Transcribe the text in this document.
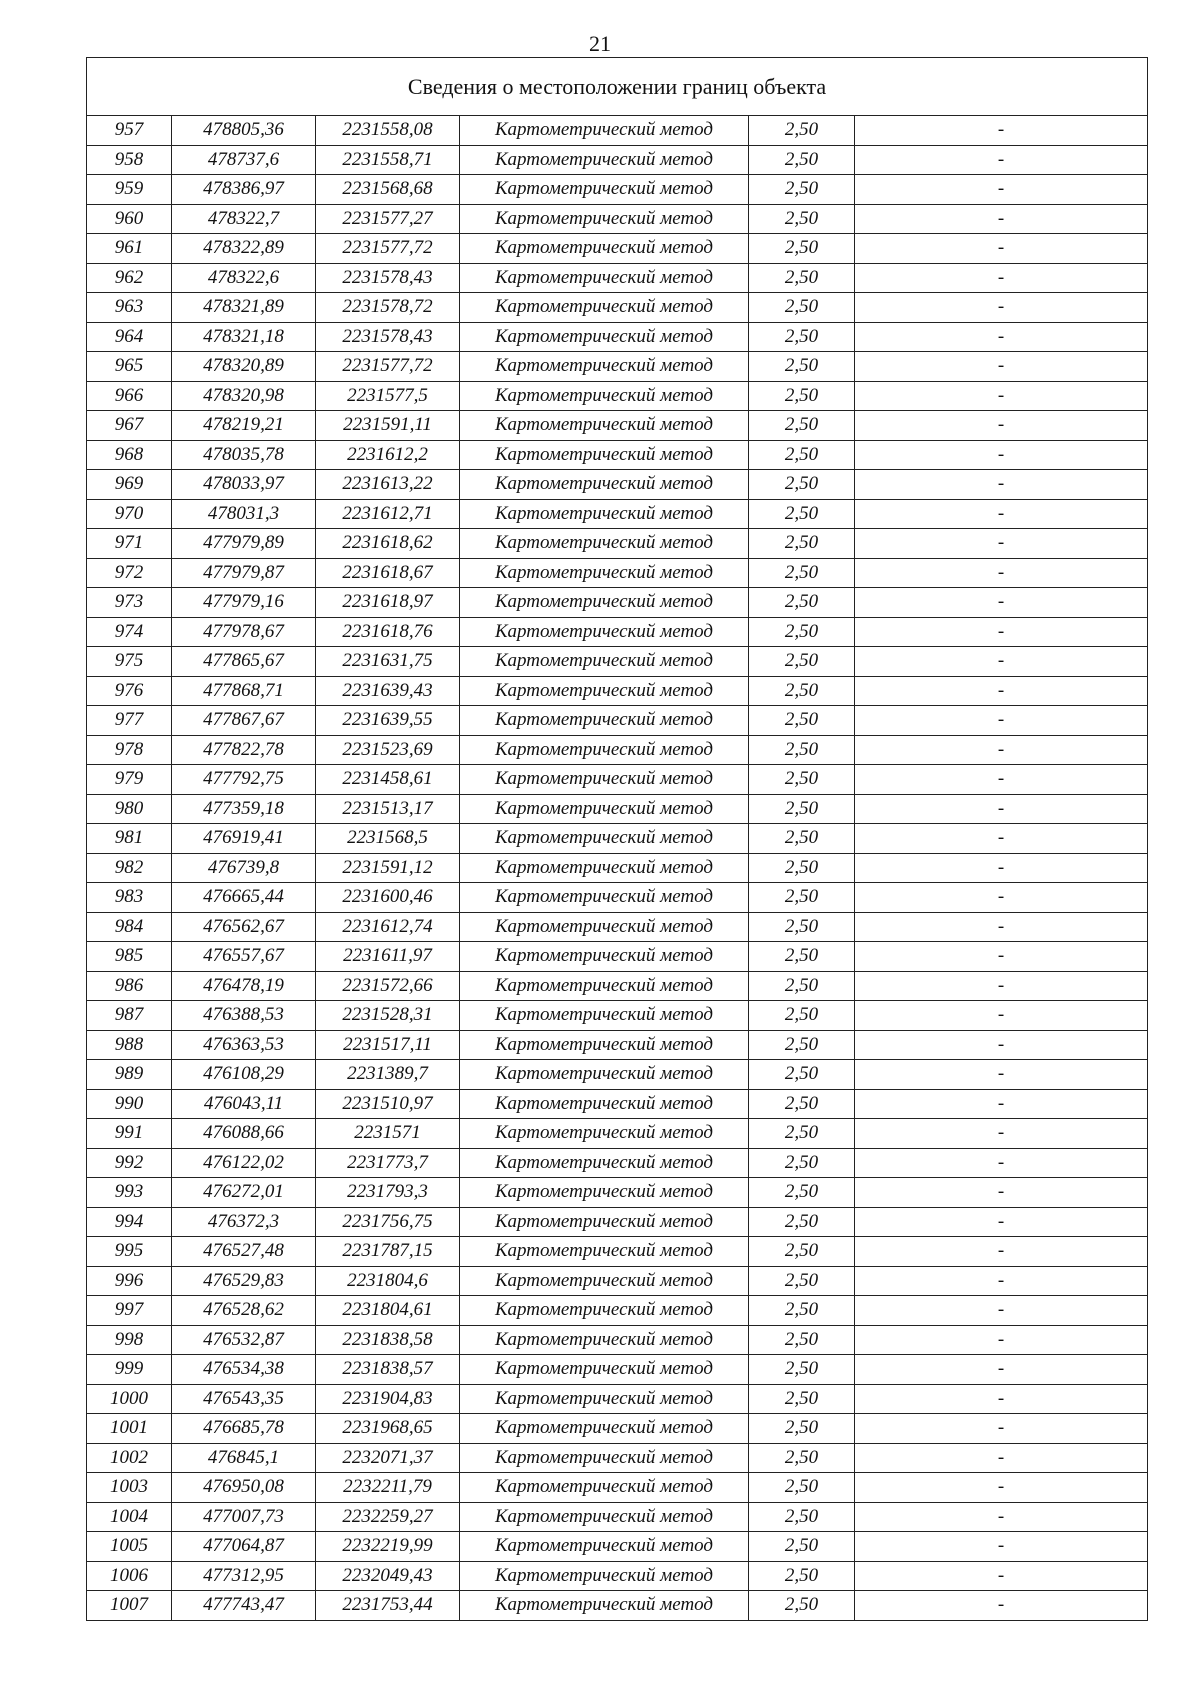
21
Сведения о местоположении границ объекта					
957	478805,36	2231558,08	Картометрический метод	2,50	-
958	478737,6	2231558,71	Картометрический метод	2,50	-
959	478386,97	2231568,68	Картометрический метод	2,50	-
960	478322,7	2231577,27	Картометрический метод	2,50	-
961	478322,89	2231577,72	Картометрический метод	2,50	-
962	478322,6	2231578,43	Картометрический метод	2,50	-
963	478321,89	2231578,72	Картометрический метод	2,50	-
964	478321,18	2231578,43	Картометрический метод	2,50	-
965	478320,89	2231577,72	Картометрический метод	2,50	-
966	478320,98	2231577,5	Картометрический метод	2,50	-
967	478219,21	2231591,11	Картометрический метод	2,50	-
968	478035,78	2231612,2	Картометрический метод	2,50	-
969	478033,97	2231613,22	Картометрический метод	2,50	-
970	478031,3	2231612,71	Картометрический метод	2,50	-
971	477979,89	2231618,62	Картометрический метод	2,50	-
972	477979,87	2231618,67	Картометрический метод	2,50	-
973	477979,16	2231618,97	Картометрический метод	2,50	-
974	477978,67	2231618,76	Картометрический метод	2,50	-
975	477865,67	2231631,75	Картометрический метод	2,50	-
976	477868,71	2231639,43	Картометрический метод	2,50	-
977	477867,67	2231639,55	Картометрический метод	2,50	-
978	477822,78	2231523,69	Картометрический метод	2,50	-
979	477792,75	2231458,61	Картометрический метод	2,50	-
980	477359,18	2231513,17	Картометрический метод	2,50	-
981	476919,41	2231568,5	Картометрический метод	2,50	-
982	476739,8	2231591,12	Картометрический метод	2,50	-
983	476665,44	2231600,46	Картометрический метод	2,50	-
984	476562,67	2231612,74	Картометрический метод	2,50	-
985	476557,67	2231611,97	Картометрический метод	2,50	-
986	476478,19	2231572,66	Картометрический метод	2,50	-
987	476388,53	2231528,31	Картометрический метод	2,50	-
988	476363,53	2231517,11	Картометрический метод	2,50	-
989	476108,29	2231389,7	Картометрический метод	2,50	-
990	476043,11	2231510,97	Картометрический метод	2,50	-
991	476088,66	2231571	Картометрический метод	2,50	-
992	476122,02	2231773,7	Картометрический метод	2,50	-
993	476272,01	2231793,3	Картометрический метод	2,50	-
994	476372,3	2231756,75	Картометрический метод	2,50	-
995	476527,48	2231787,15	Картометрический метод	2,50	-
996	476529,83	2231804,6	Картометрический метод	2,50	-
997	476528,62	2231804,61	Картометрический метод	2,50	-
998	476532,87	2231838,58	Картометрический метод	2,50	-
999	476534,38	2231838,57	Картометрический метод	2,50	-
1000	476543,35	2231904,83	Картометрический метод	2,50	-
1001	476685,78	2231968,65	Картометрический метод	2,50	-
1002	476845,1	2232071,37	Картометрический метод	2,50	-
1003	476950,08	2232211,79	Картометрический метод	2,50	-
1004	477007,73	2232259,27	Картометрический метод	2,50	-
1005	477064,87	2232219,99	Картометрический метод	2,50	-
1006	477312,95	2232049,43	Картометрический метод	2,50	-
1007	477743,47	2231753,44	Картометрический метод	2,50	-
